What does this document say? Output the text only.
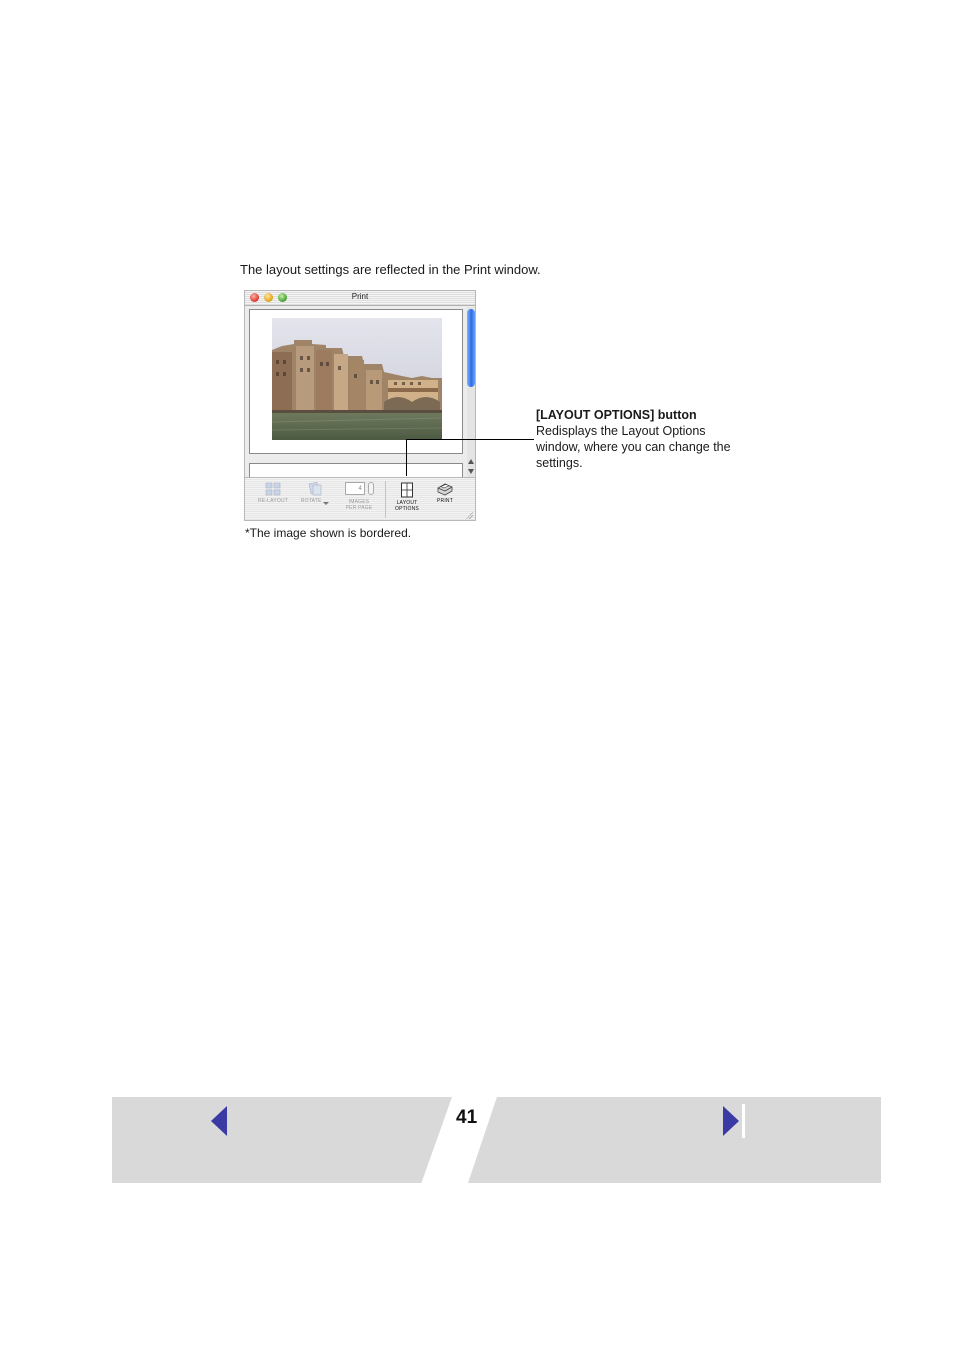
The layout settings are reflected in the Print window.
Print
RE-LAYOUT	ROTATE
4
IMAGES
PER PAGE
LAYOUT
OPTIONS
PRINT
[LAYOUT OPTIONS] button
Redisplays the Layout Options window, where you can change the settings.
*The image shown is bordered.
41
